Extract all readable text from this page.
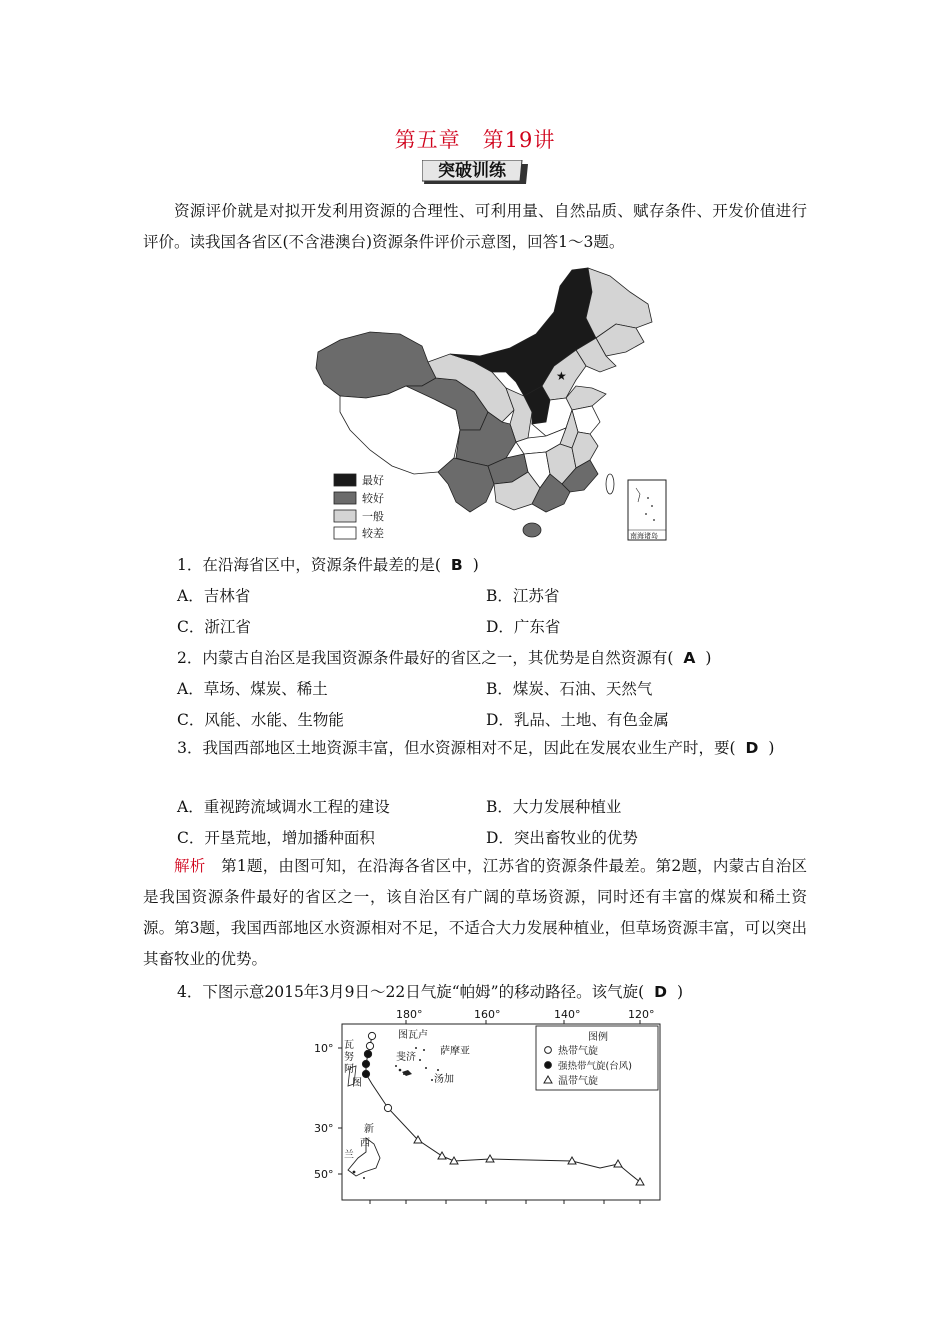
第五章　第19讲
突破训练
资源评价就是对拟开发利用资源的合理性、可利用量、自然品质、赋存条件、开发价值进行评价。读我国各省区(不含港澳台)资源条件评价示意图，回答1～3题。
★
最好
较好
一般
较差	南海诸岛
1．在沿海省区中，资源条件最差的是( B )
A．吉林省	B．江苏省
C．浙江省	D．广东省
2．内蒙古自治区是我国资源条件最好的省区之一，其优势是自然资源有( A )
A．草场、煤炭、稀土	B．煤炭、石油、天然气
C．风能、水能、生物能	D．乳品、土地、有色金属
3．我国西部地区土地资源丰富，但水资源相对不足，因此在发展农业生产时，要( D )
A．重视跨流域调水工程的建设	B．大力发展种植业
C．开垦荒地，增加播种面积	D．突出畜牧业的优势
解析　第1题，由图可知，在沿海各省区中，江苏省的资源条件最差。第2题，内蒙古自治区是我国资源条件最好的省区之一，该自治区有广阔的草场资源，同时还有丰富的煤炭和稀土资源。第3题，我国西部地区水资源相对不足，不适合大力发展种植业，但草场资源丰富，可以突出其畜牧业的优势。
4．下图示意2015年3月9日～22日气旋“帕姆”的移动路径。该气旋( D )
180°	160°	140°	120°
10°
30°
50°
图瓦卢
萨摩亚
斐济
汤加
瓦
努
阿
图
新
西
兰
图例
热带气旋
强热带气旋(台风)
温带气旋
